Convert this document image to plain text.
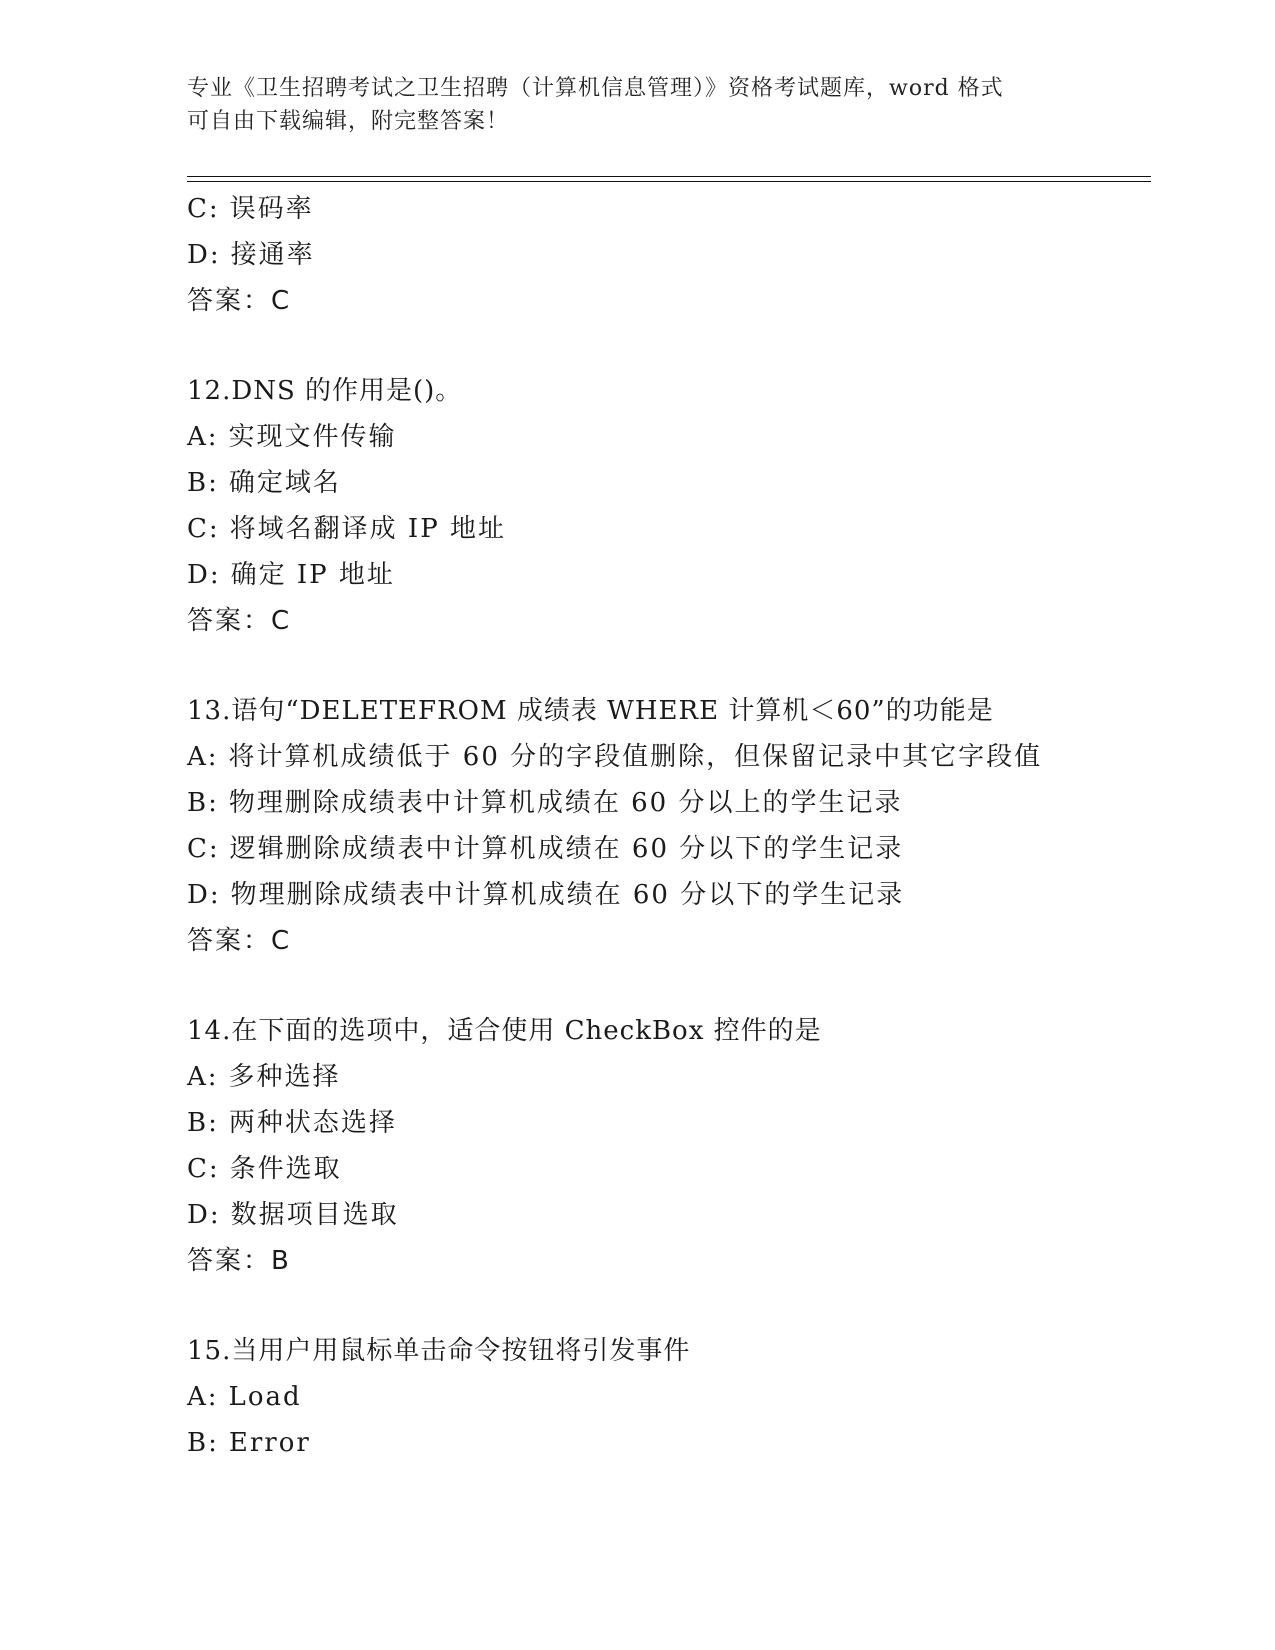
专业《卫生招聘考试之卫生招聘（计算机信息管理）》资格考试题库，word 格式
可自由下载编辑，附完整答案！
C: 误码率
D: 接通率
答案：C
12.DNS 的作用是()。
A: 实现文件传输
B: 确定域名
C: 将域名翻译成 IP 地址
D: 确定 IP 地址
答案：C
13.语句“DELETEFROM 成绩表 WHERE 计算机＜60”的功能是
A: 将计算机成绩低于 60 分的字段值删除，但保留记录中其它字段值
B: 物理删除成绩表中计算机成绩在 60 分以上的学生记录
C: 逻辑删除成绩表中计算机成绩在 60 分以下的学生记录
D: 物理删除成绩表中计算机成绩在 60 分以下的学生记录
答案：C
14.在下面的选项中，适合使用 CheckBox 控件的是
A: 多种选择
B: 两种状态选择
C: 条件选取
D: 数据项目选取
答案：B
15.当用户用鼠标单击命令按钮将引发事件
A: Load
B: Error
